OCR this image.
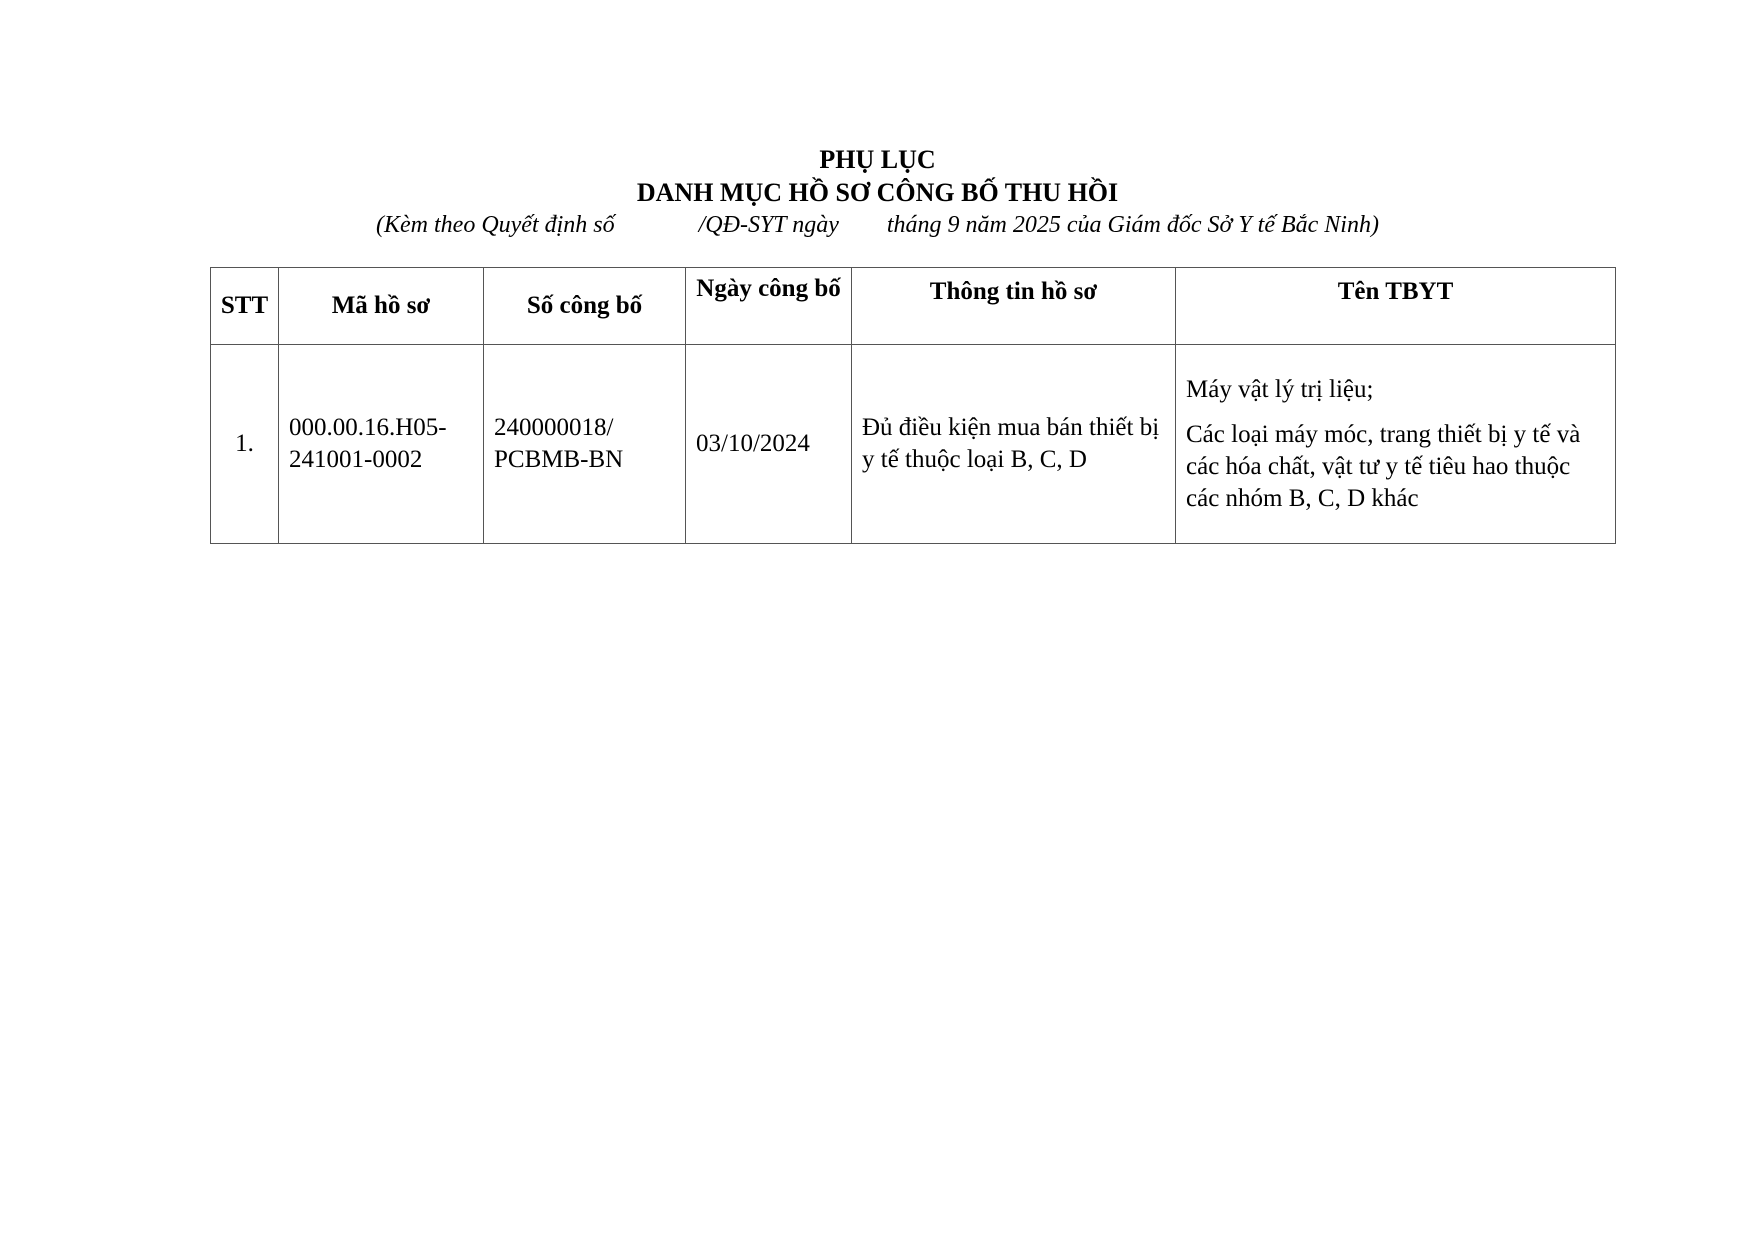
PHỤ LỤC
DANH MỤC HỒ SƠ CÔNG BỐ THU HỒI
(Kèm theo Quyết định số              /QĐ-SYT ngày        tháng 9 năm 2025 của Giám đốc Sở Y tế Bắc Ninh)
STT	Mã hồ sơ	Số công bố	Ngày công bố	Thông tin hồ sơ	Tên TBYT
1.	000.00.16.H05-241001-0002	240000018/ PCBMB-BN	03/10/2024	Đủ điều kiện mua bán thiết bị y tế thuộc loại B, C, D	Máy vật lý trị liệu;

Các loại máy móc, trang thiết bị y tế và các hóa chất, vật tư y tế tiêu hao thuộc các nhóm B, C, D khác
